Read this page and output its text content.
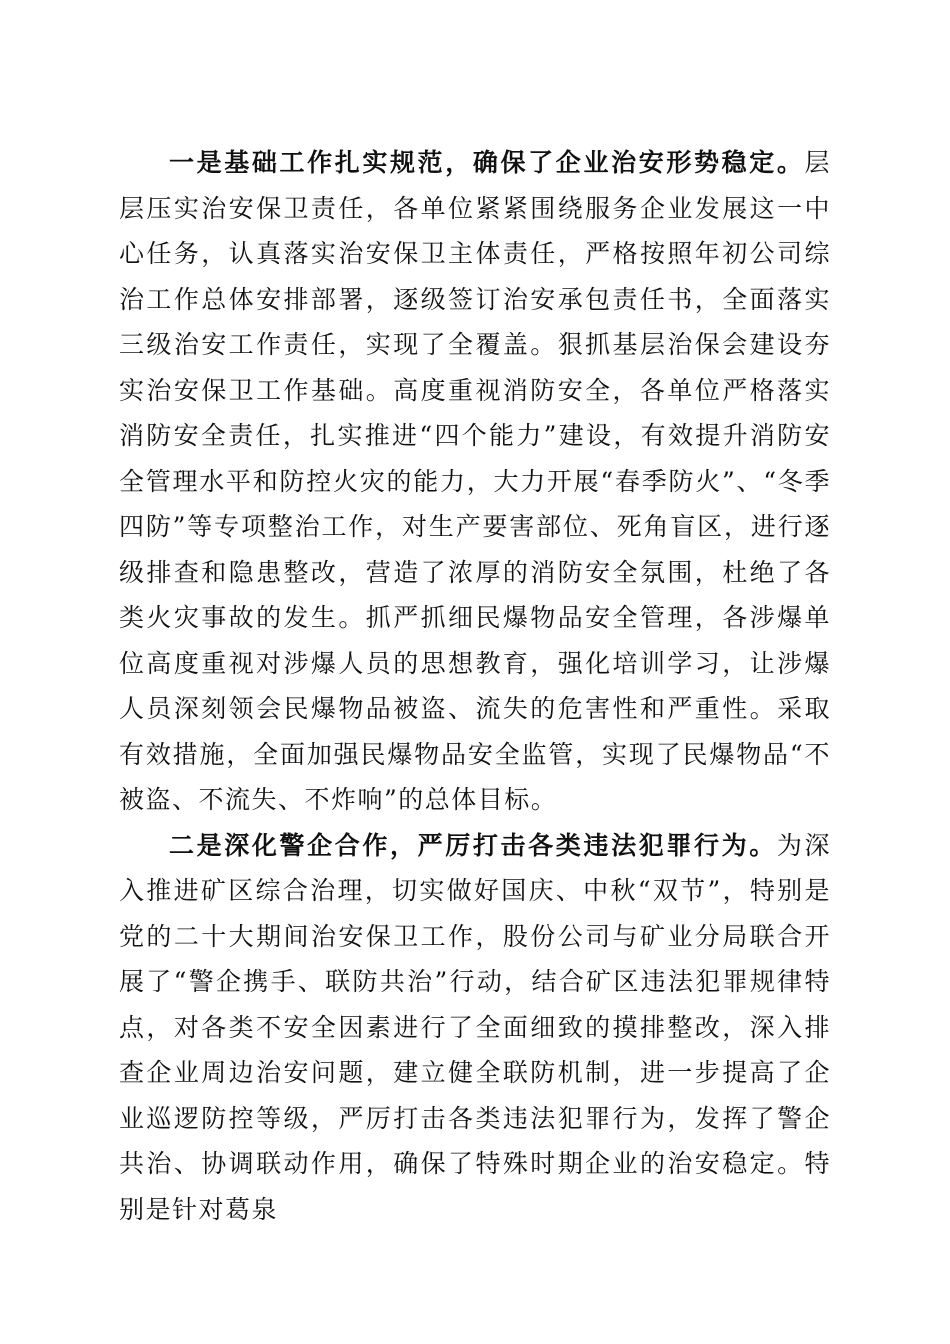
一是基础工作扎实规范，确保了企业治安形势稳定。层层压实治安保卫责任，各单位紧紧围绕服务企业发展这一中心任务，认真落实治安保卫主体责任，严格按照年初公司综治工作总体安排部署，逐级签订治安承包责任书，全面落实三级治安工作责任，实现了全覆盖。狠抓基层治保会建设夯实治安保卫工作基础。高度重视消防安全，各单位严格落实消防安全责任，扎实推进“四个能力”建设，有效提升消防安全管理水平和防控火灾的能力，大力开展“春季防火”、“冬季四防”等专项整治工作，对生产要害部位、死角盲区，进行逐级排查和隐患整改，营造了浓厚的消防安全氛围，杜绝了各类火灾事故的发生。抓严抓细民爆物品安全管理，各涉爆单位高度重视对涉爆人员的思想教育，强化培训学习，让涉爆人员深刻领会民爆物品被盗、流失的危害性和严重性。采取有效措施，全面加强民爆物品安全监管，实现了民爆物品“不被盗、不流失、不炸响”的总体目标。

二是深化警企合作，严厉打击各类违法犯罪行为。为深入推进矿区综合治理，切实做好国庆、中秋“双节”，特别是党的二十大期间治安保卫工作，股份公司与矿业分局联合开展了“警企携手、联防共治”行动，结合矿区违法犯罪规律特点，对各类不安全因素进行了全面细致的摸排整改，深入排查企业周边治安问题，建立健全联防机制，进一步提高了企业巡逻防控等级，严厉打击各类违法犯罪行为，发挥了警企共治、协调联动作用，确保了特殊时期企业的治安稳定。特别是针对葛泉
